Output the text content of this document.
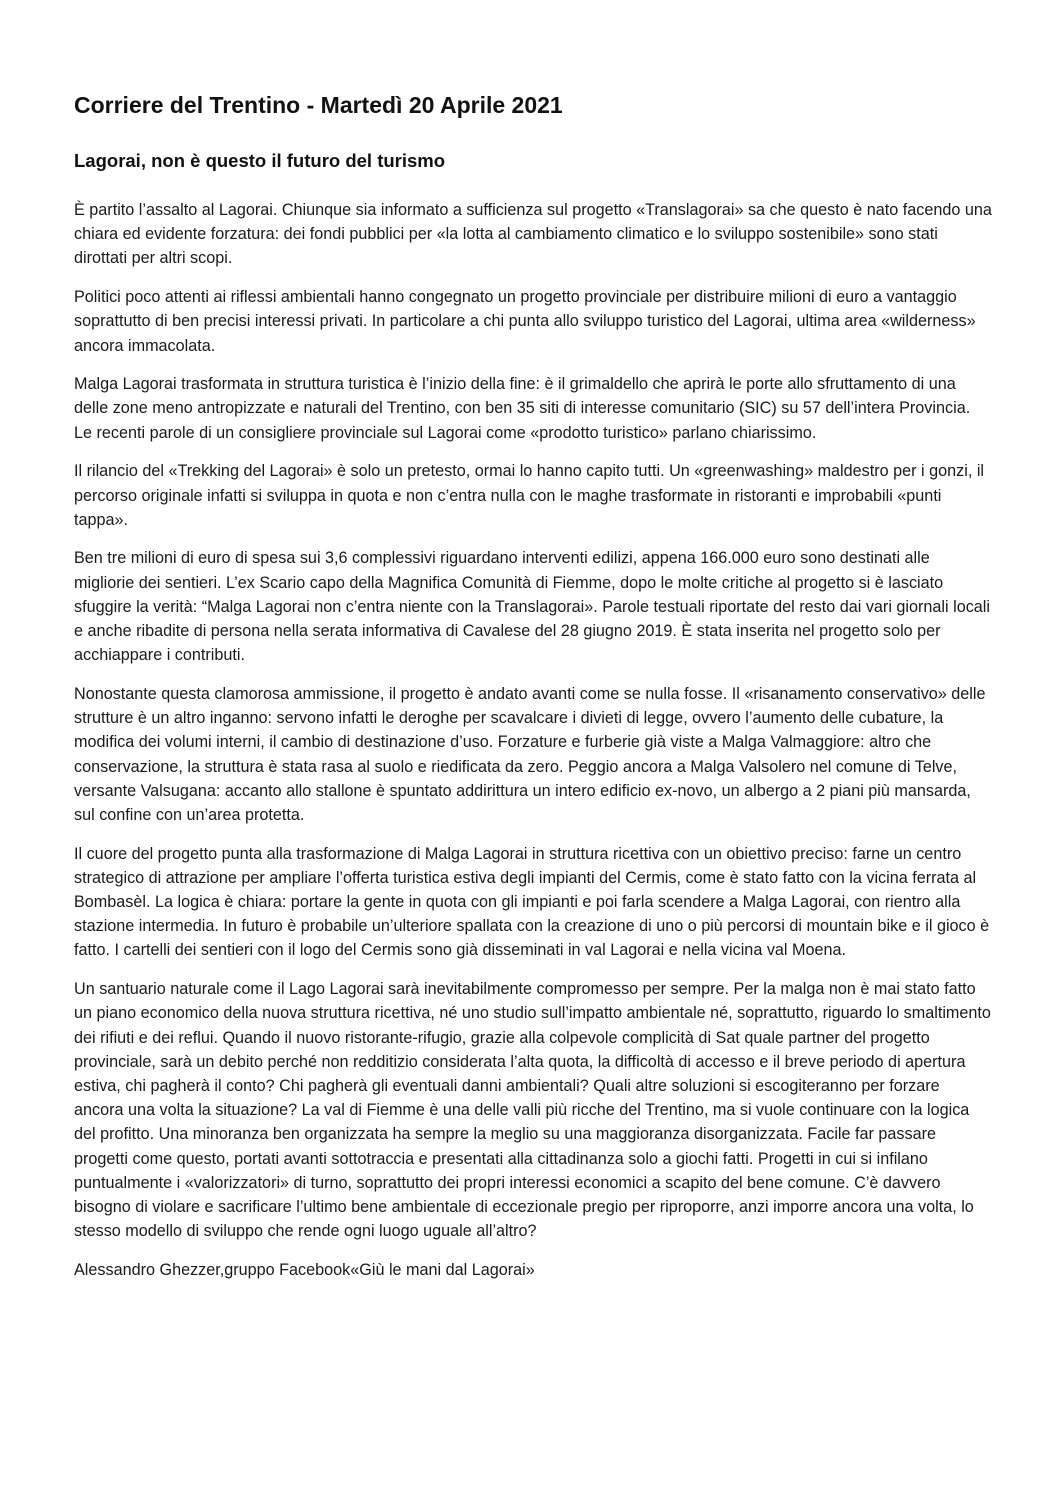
Corriere del Trentino - Martedì 20 Aprile 2021
Lagorai, non è questo il futuro del turismo

È partito l’assalto al Lagorai. Chiunque sia informato a sufficienza sul progetto «Translagorai» sa che questo è nato facendo una chiara ed evidente forzatura: dei fondi pubblici per «la lotta al cambiamento climatico e lo sviluppo sostenibile» sono stati dirottati per altri scopi.

Politici poco attenti ai riflessi ambientali hanno congegnato un progetto provinciale per distribuire milioni di euro a vantaggio soprattutto di ben precisi interessi privati. In particolare a chi punta allo sviluppo turistico del Lagorai, ultima area «wilderness» ancora immacolata.

Malga Lagorai trasformata in struttura turistica è l’inizio della fine: è il grimaldello che aprirà le porte allo sfruttamento di una delle zone meno antropizzate e naturali del Trentino, con ben 35 siti di interesse comunitario (SIC) su 57 dell’intera Provincia. Le recenti parole di un consigliere provinciale sul Lagorai come «prodotto turistico» parlano chiarissimo.

Il rilancio del «Trekking del Lagorai» è solo un pretesto, ormai lo hanno capito tutti. Un «greenwashing» maldestro per i gonzi, il percorso originale infatti si sviluppa in quota e non c’entra nulla con le maghe trasformate in ristoranti e improbabili «punti tappa».

Ben tre milioni di euro di spesa sui 3,6 complessivi riguardano interventi edilizi, appena 166.000 euro sono destinati alle migliorie dei sentieri. L’ex Scario capo della Magnifica Comunità di Fiemme, dopo le molte critiche al progetto si è lasciato sfuggire la verità: “Malga Lagorai non c’entra niente con la Translagorai». Parole testuali riportate del resto dai vari giornali locali e anche ribadite di persona nella serata informativa di Cavalese del 28 giugno 2019. È stata inserita nel progetto solo per acchiappare i contributi.

Nonostante questa clamorosa ammissione, il progetto è andato avanti come se nulla fosse. Il «risanamento conservativo» delle strutture è un altro inganno: servono infatti le deroghe per scavalcare i divieti di legge, ovvero l’aumento delle cubature, la modifica dei volumi interni, il cambio di destinazione d’uso. Forzature e furberie già viste a Malga Valmaggiore: altro che conservazione, la struttura è stata rasa al suolo e riedificata da zero. Peggio ancora a Malga Valsolero nel comune di Telve, versante Valsugana: accanto allo stallone è spuntato addirittura un intero edificio ex-novo, un albergo a 2 piani più mansarda, sul confine con un’area protetta.

Il cuore del progetto punta alla trasformazione di Malga Lagorai in struttura ricettiva con un obiettivo preciso: farne un centro strategico di attrazione per ampliare l’offerta turistica estiva degli impianti del Cermis, come è stato fatto con la vicina ferrata al Bombasèl. La logica è chiara: portare la gente in quota con gli impianti e poi farla scendere a Malga Lagorai, con rientro alla stazione intermedia. In futuro è probabile un’ulteriore spallata con la creazione di uno o più percorsi di mountain bike e il gioco è fatto. I cartelli dei sentieri con il logo del Cermis sono già disseminati in val Lagorai e nella vicina val Moena.

Un santuario naturale come il Lago Lagorai sarà inevitabilmente compromesso per sempre. Per la malga non è mai stato fatto un piano economico della nuova struttura ricettiva, né uno studio sull’impatto ambientale né, soprattutto, riguardo lo smaltimento dei rifiuti e dei reflui. Quando il nuovo ristorante-rifugio, grazie alla colpevole complicità di Sat quale partner del progetto provinciale, sarà un debito perché non redditizio considerata l’alta quota, la difficoltà di accesso e il breve periodo di apertura estiva, chi pagherà il conto? Chi pagherà gli eventuali danni ambientali? Quali altre soluzioni si escogiteranno per forzare ancora una volta la situazione? La val di Fiemme è una delle valli più ricche del Trentino, ma si vuole continuare con la logica del profitto. Una minoranza ben organizzata ha sempre la meglio su una maggioranza disorganizzata. Facile far passare progetti come questo, portati avanti sottotraccia e presentati alla cittadinanza solo a giochi fatti. Progetti in cui si infilano puntualmente i «valorizzatori» di turno, soprattutto dei propri interessi economici a scapito del bene comune. C’è davvero bisogno di violare e sacrificare l’ultimo bene ambientale di eccezionale pregio per riproporre, anzi imporre ancora una volta, lo stesso modello di sviluppo che rende ogni luogo uguale all’altro?

Alessandro Ghezzer,gruppo Facebook«Giù le mani dal Lagorai»
